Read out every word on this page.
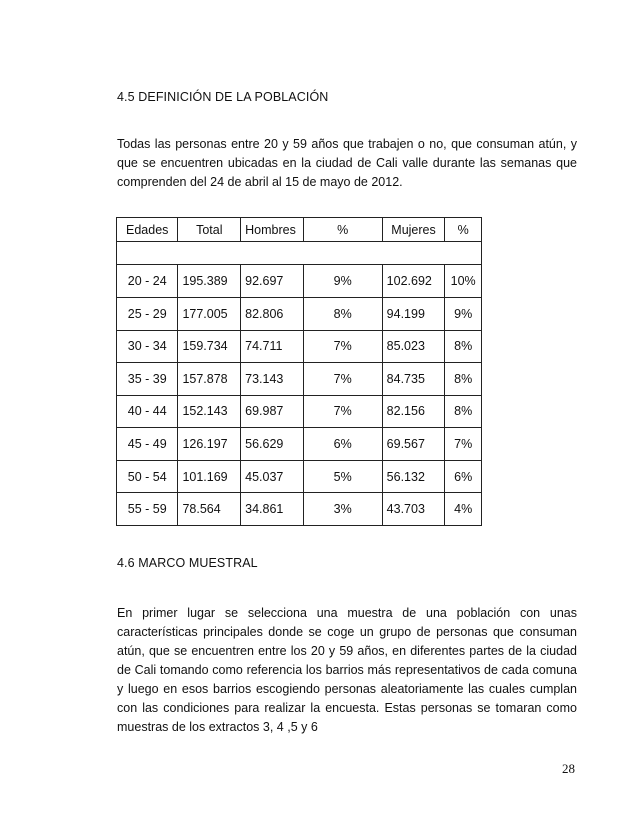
4.5 DEFINICIÓN DE LA POBLACIÓN

Todas las personas entre 20 y 59 años que trabajen o no, que consuman atún, y que se encuentren ubicadas en la ciudad de Cali valle durante las semanas que comprenden del 24 de abril al 15 de mayo de 2012.

Edades	Total	Hombres	%	Mujeres	%

20 - 24	195.389	92.697	9%	102.692	10%
25 - 29	177.005	82.806	8%	94.199	9%
30 - 34	159.734	74.711	7%	85.023	8%
35 - 39	157.878	73.143	7%	84.735	8%
40 - 44	152.143	69.987	7%	82.156	8%
45 - 49	126.197	56.629	6%	69.567	7%
50 - 54	101.169	45.037	5%	56.132	6%
55 - 59	78.564	34.861	3%	43.703	4%
4.6 MARCO MUESTRAL

En primer lugar se selecciona una muestra de una población con unas características principales donde se coge un grupo de personas que consuman atún, que se encuentren entre los 20 y 59 años, en diferentes partes de la ciudad de Cali tomando como referencia los barrios más representativos de cada comuna y luego en esos barrios escogiendo personas aleatoriamente las cuales cumplan con las condiciones para realizar la encuesta. Estas personas se tomaran como muestras de los extractos 3, 4 ,5 y 6

28
